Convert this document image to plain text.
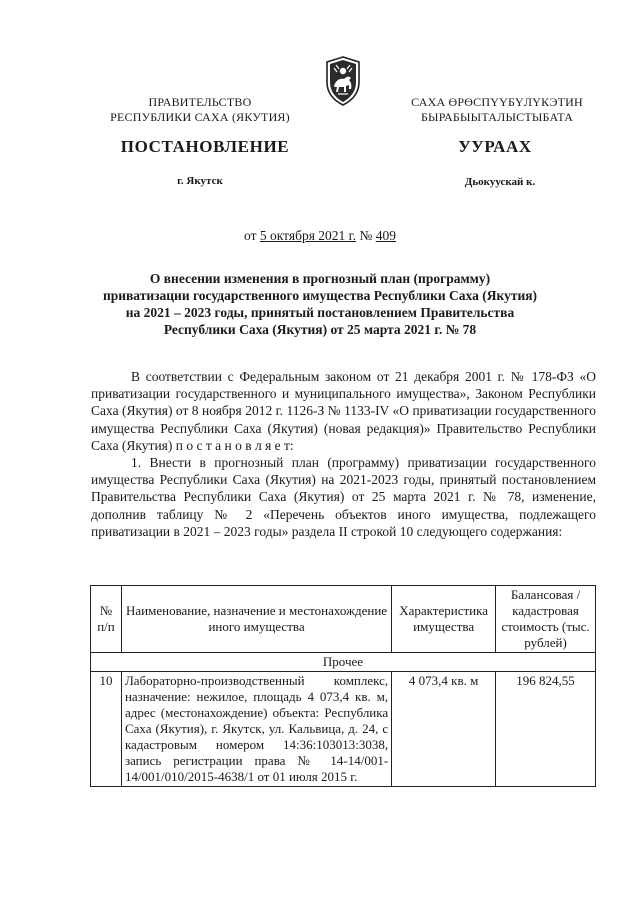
ПРАВИТЕЛЬСТВО
РЕСПУБЛИКИ САХА (ЯКУТИЯ)
САХА ӨРӨСПҮҮБҮЛҮКЭТИН
БЫРАБЫЫТАЛЫСТЫБАТА
ПОСТАНОВЛЕНИЕ	УУРААХ
г. Якутск	Дьокуускай к.
от 5 октября 2021 г. № 409
О внесении изменения в прогнозный план (программу)
приватизации государственного имущества Республики Саха (Якутия)
на 2021 – 2023 годы, принятый постановлением Правительства
Республики Саха (Якутия) от 25 марта 2021 г. № 78

В соответствии с Федеральным законом от 21 декабря 2001 г. № 178-ФЗ «О приватизации государственного и муниципального имущества», Законом Республики Саха (Якутия) от 8 ноября 2012 г. 1126-З № 1133-IV «О приватизации государственного имущества Республики Саха (Якутия) (новая редакция)» Правительство Республики Саха (Якутия) п о с т а н о в л я е т:

1. Внести в прогнозный план (программу) приватизации государственного имущества Республики Саха (Якутия) на 2021-2023 годы, принятый постановлением Правительства Республики Саха (Якутия) от 25 марта 2021 г. № 78, изменение, дополнив таблицу № 2 «Перечень объектов иного имущества, подлежащего приватизации в 2021 – 2023 годы» раздела II строкой 10 следующего содержания:

№ п/п	Наименование, назначение и местонахождение иного имущества	Характеристика имущества	Балансовая / кадастровая стоимость (тыс. рублей)
Прочее			
10	Лабораторно-производственный комплекс, назначение: нежилое, площадь 4 073,4 кв. м, адрес (местонахождение) объекта: Республика Саха (Якутия), г. Якутск, ул. Кальвица, д. 24, с кадастровым номером 14:36:103013:3038, запись регистрации права № 14-14/001-14/001/010/2015-4638/1 от 01 июля 2015 г.	4 073,4 кв. м	196 824,55
